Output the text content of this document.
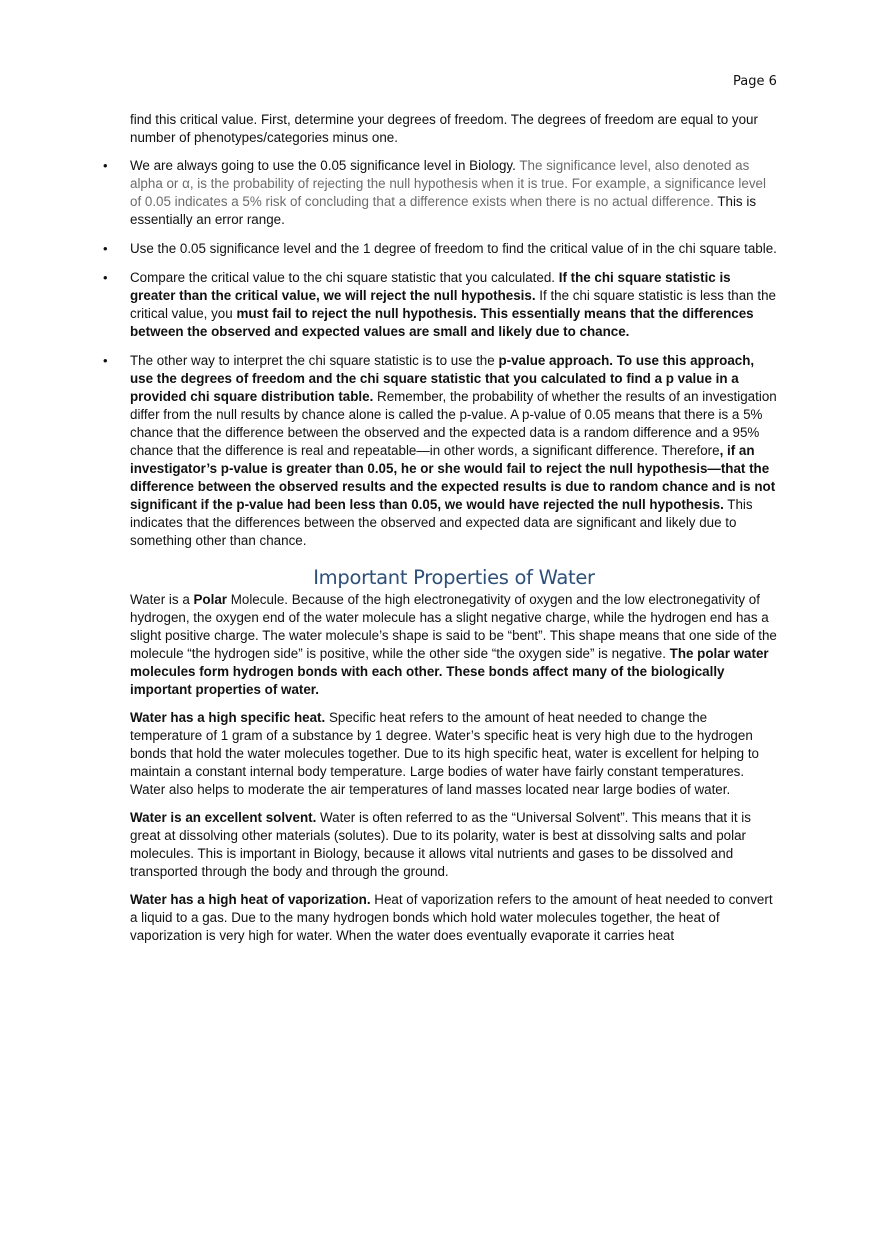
Page 6

find this critical value. First, determine your degrees of freedom. The degrees of freedom are equal to your number of phenotypes/categories minus one.

• We are always going to use the 0.05 significance level in Biology. The significance level, also denoted as alpha or α, is the probability of rejecting the null hypothesis when it is true. For example, a significance level of 0.05 indicates a 5% risk of concluding that a difference exists when there is no actual difference. This is essentially an error range.
• Use the 0.05 significance level and the 1 degree of freedom to find the critical value of in the chi square table.
• Compare the critical value to the chi square statistic that you calculated. If the chi square statistic is greater than the critical value, we will reject the null hypothesis. If the chi square statistic is less than the critical value, you must fail to reject the null hypothesis. This essentially means that the differences between the observed and expected values are small and likely due to chance.
• The other way to interpret the chi square statistic is to use the p-value approach. To use this approach, use the degrees of freedom and the chi square statistic that you calculated to find a p value in a provided chi square distribution table. Remember, the probability of whether the results of an investigation differ from the null results by chance alone is called the p-value. A p-value of 0.05 means that there is a 5% chance that the difference between the observed and the expected data is a random difference and a 95% chance that the difference is real and repeatable—in other words, a significant difference. Therefore, if an investigator’s p-value is greater than 0.05, he or she would fail to reject the null hypothesis—that the difference between the observed results and the expected results is due to random chance and is not significant if the p-value had been less than 0.05, we would have rejected the null hypothesis. This indicates that the differences between the observed and expected data are significant and likely due to something other than chance.
Important Properties of Water

Water is a Polar Molecule. Because of the high electronegativity of oxygen and the low electronegativity of hydrogen, the oxygen end of the water molecule has a slight negative charge, while the hydrogen end has a slight positive charge. The water molecule’s shape is said to be “bent”. This shape means that one side of the molecule “the hydrogen side” is positive, while the other side “the oxygen side” is negative. The polar water molecules form hydrogen bonds with each other. These bonds affect many of the biologically important properties of water.

Water has a high specific heat. Specific heat refers to the amount of heat needed to change the temperature of 1 gram of a substance by 1 degree. Water’s specific heat is very high due to the hydrogen bonds that hold the water molecules together. Due to its high specific heat, water is excellent for helping to maintain a constant internal body temperature. Large bodies of water have fairly constant temperatures. Water also helps to moderate the air temperatures of land masses located near large bodies of water.

Water is an excellent solvent. Water is often referred to as the “Universal Solvent”. This means that it is great at dissolving other materials (solutes). Due to its polarity, water is best at dissolving salts and polar molecules. This is important in Biology, because it allows vital nutrients and gases to be dissolved and transported through the body and through the ground.

Water has a high heat of vaporization. Heat of vaporization refers to the amount of heat needed to convert a liquid to a gas. Due to the many hydrogen bonds which hold water molecules together, the heat of vaporization is very high for water. When the water does eventually evaporate it carries heat
